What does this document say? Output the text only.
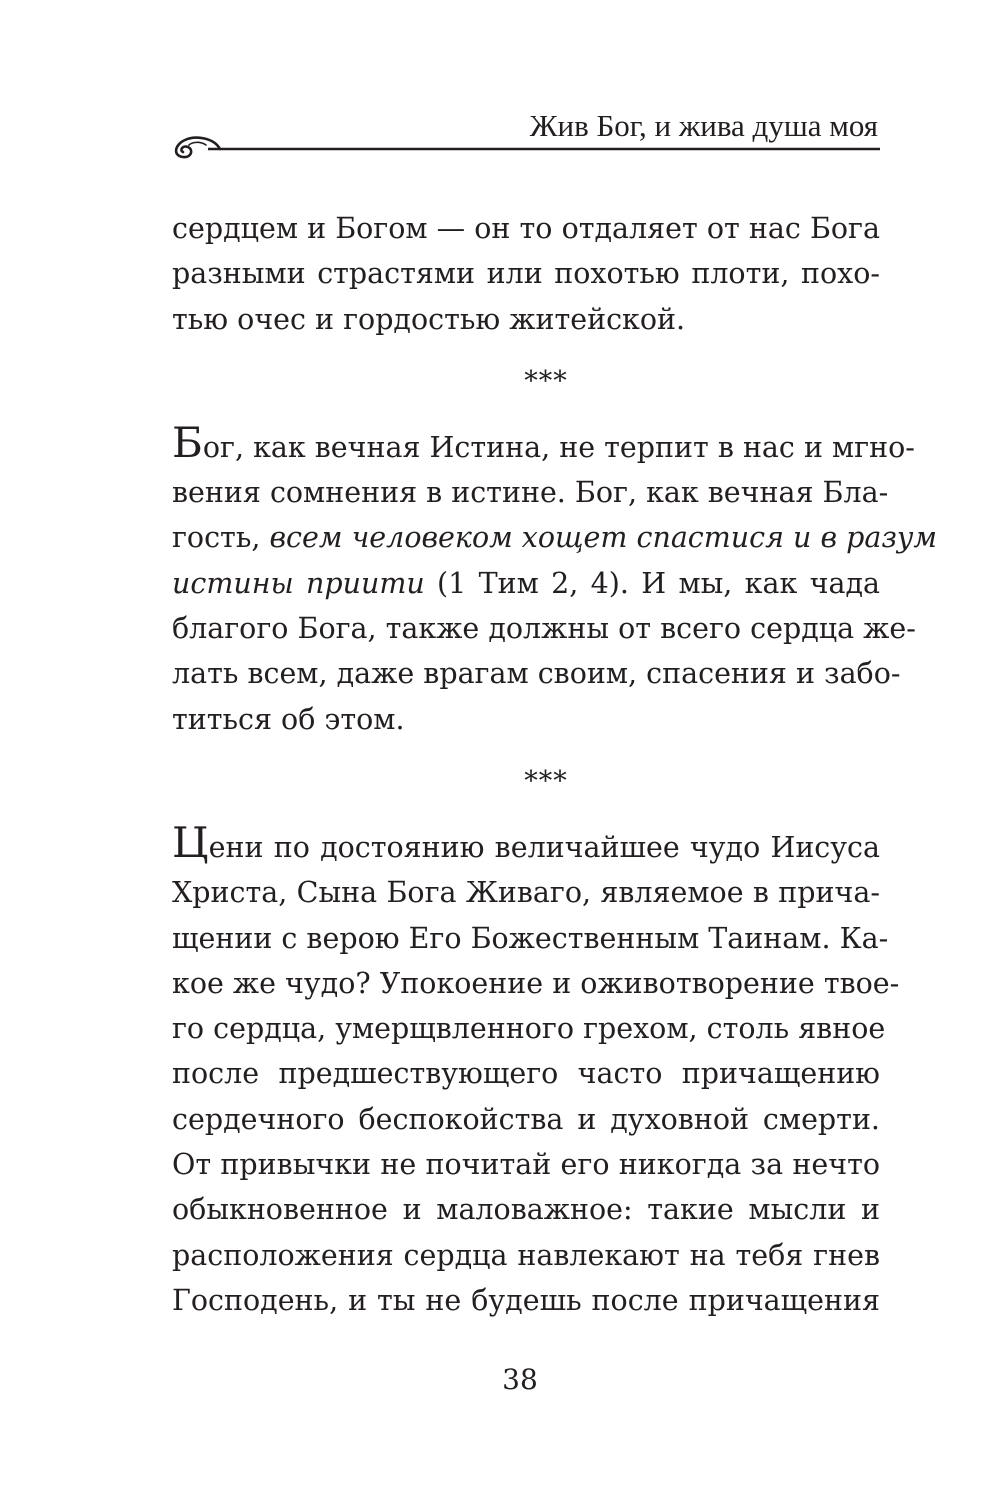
Жив Бог, и жива душа моя

сердцем и Богом — он то отдаляет от нас Бога
разными страстями или похотью плоти, похо-
тью очес и гордостью житейской.

***

Бог, как вечная Истина, не терпит в нас и мгно-
вения сомнения в истине. Бог, как вечная Бла-
гость, всем человеком хощет спастися и в разум
истины приити (1 Тим 2, 4). И мы, как чада
благого Бога, также должны от всего сердца же-
лать всем, даже врагам своим, спасения и забо-
титься об этом.

***

Цени по достоянию величайшее чудо Иисуса
Христа, Сына Бога Живаго, являемое в прича-
щении с верою Его Божественным Таинам. Ка-
кое же чудо? Упокоение и оживотворение твое-
го сердца, умерщвленного грехом, столь явное
после предшествующего часто причащению
сердечного беспокойства и духовной смерти.
От привычки не почитай его никогда за нечто
обыкновенное и маловажное: такие мысли и
расположения сердца навлекают на тебя гнев
Господень, и ты не будешь после причащения

38
